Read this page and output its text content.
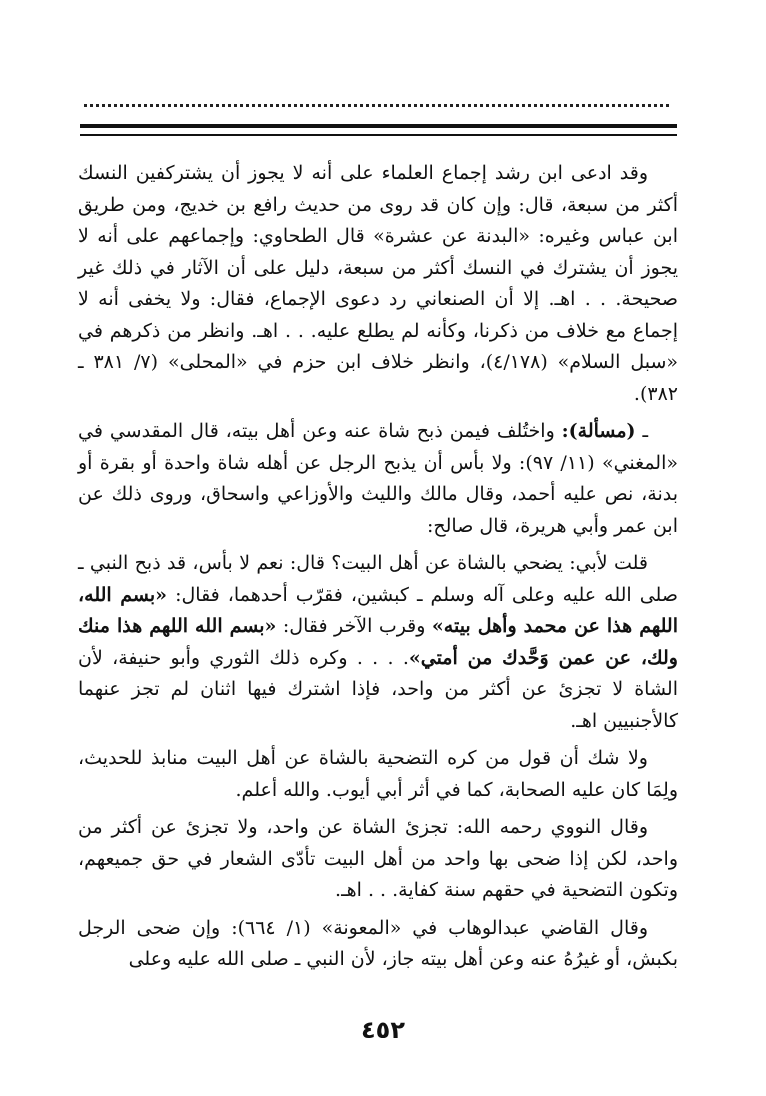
وقد ادعى ابن رشد إجماع العلماء على أنه لا يجوز أن يشتركفين النسك أكثر من سبعة، قال: وإن كان قد روى من حديث رافع بن خديج، ومن طريق ابن عباس وغيره: «البدنة عن عشرة» قال الطحاوي: وإجماعهم على أنه لا يجوز أن يشترك في النسك أكثر من سبعة، دليل على أن الآثار في ذلك غير صحيحة. . . اهـ. إلا أن الصنعاني رد دعوى الإجماع، فقال: ولا يخفى أنه لا إجماع مع خلاف من ذكرنا، وكأنه لم يطلع عليه. . . اهـ. وانظر من ذكرهم في «سبل السلام» (٤/١٧٨)، وانظر خلاف ابن حزم في «المحلى» (٧/ ٣٨١ ـ ٣٨٢).

ـ (مسألة): واختُلف فيمن ذبح شاة عنه وعن أهل بيته، قال المقدسي في «المغني» (١١/ ٩٧): ولا بأس أن يذبح الرجل عن أهله شاة واحدة أو بقرة أو بدنة، نص عليه أحمد، وقال مالك والليث والأوزاعي واسحاق، وروى ذلك عن ابن عمر وأبي هريرة، قال صالح:

قلت لأبي: يضحي بالشاة عن أهل البيت؟ قال: نعم لا بأس، قد ذبح النبي ـ صلى الله عليه وعلى آله وسلم ـ كبشين، فقرّب أحدهما، فقال: «بسم الله، اللهم هذا عن محمد وأهل بيته» وقرب الآخر فقال: «بسم الله اللهم هذا منك ولك، عن عمن وَحَّدك من أمتي». . . . وكره ذلك الثوري وأبو حنيفة، لأن الشاة لا تجزئ عن أكثر من واحد، فإذا اشترك فيها اثنان لم تجز عنهما كالأجنبيين اهـ.

ولا شك أن قول من كره التضحية بالشاة عن أهل البيت منابذ للحديث، ولِمَا كان عليه الصحابة، كما في أثر أبي أيوب. والله أعلم.

وقال النووي رحمه الله: تجزئ الشاة عن واحد، ولا تجزئ عن أكثر من واحد، لكن إذا ضحى بها واحد من أهل البيت تأدّى الشعار في حق جميعهم، وتكون التضحية في حقهم سنة كفاية. . . اهـ.

وقال القاضي عبدالوهاب في «المعونة» (١/ ٦٦٤): وإن ضحى الرجل بكبش، أو غيرُهُ عنه وعن أهل بيته جاز، لأن النبي ـ صلى الله عليه وعلى

٤٥٢
